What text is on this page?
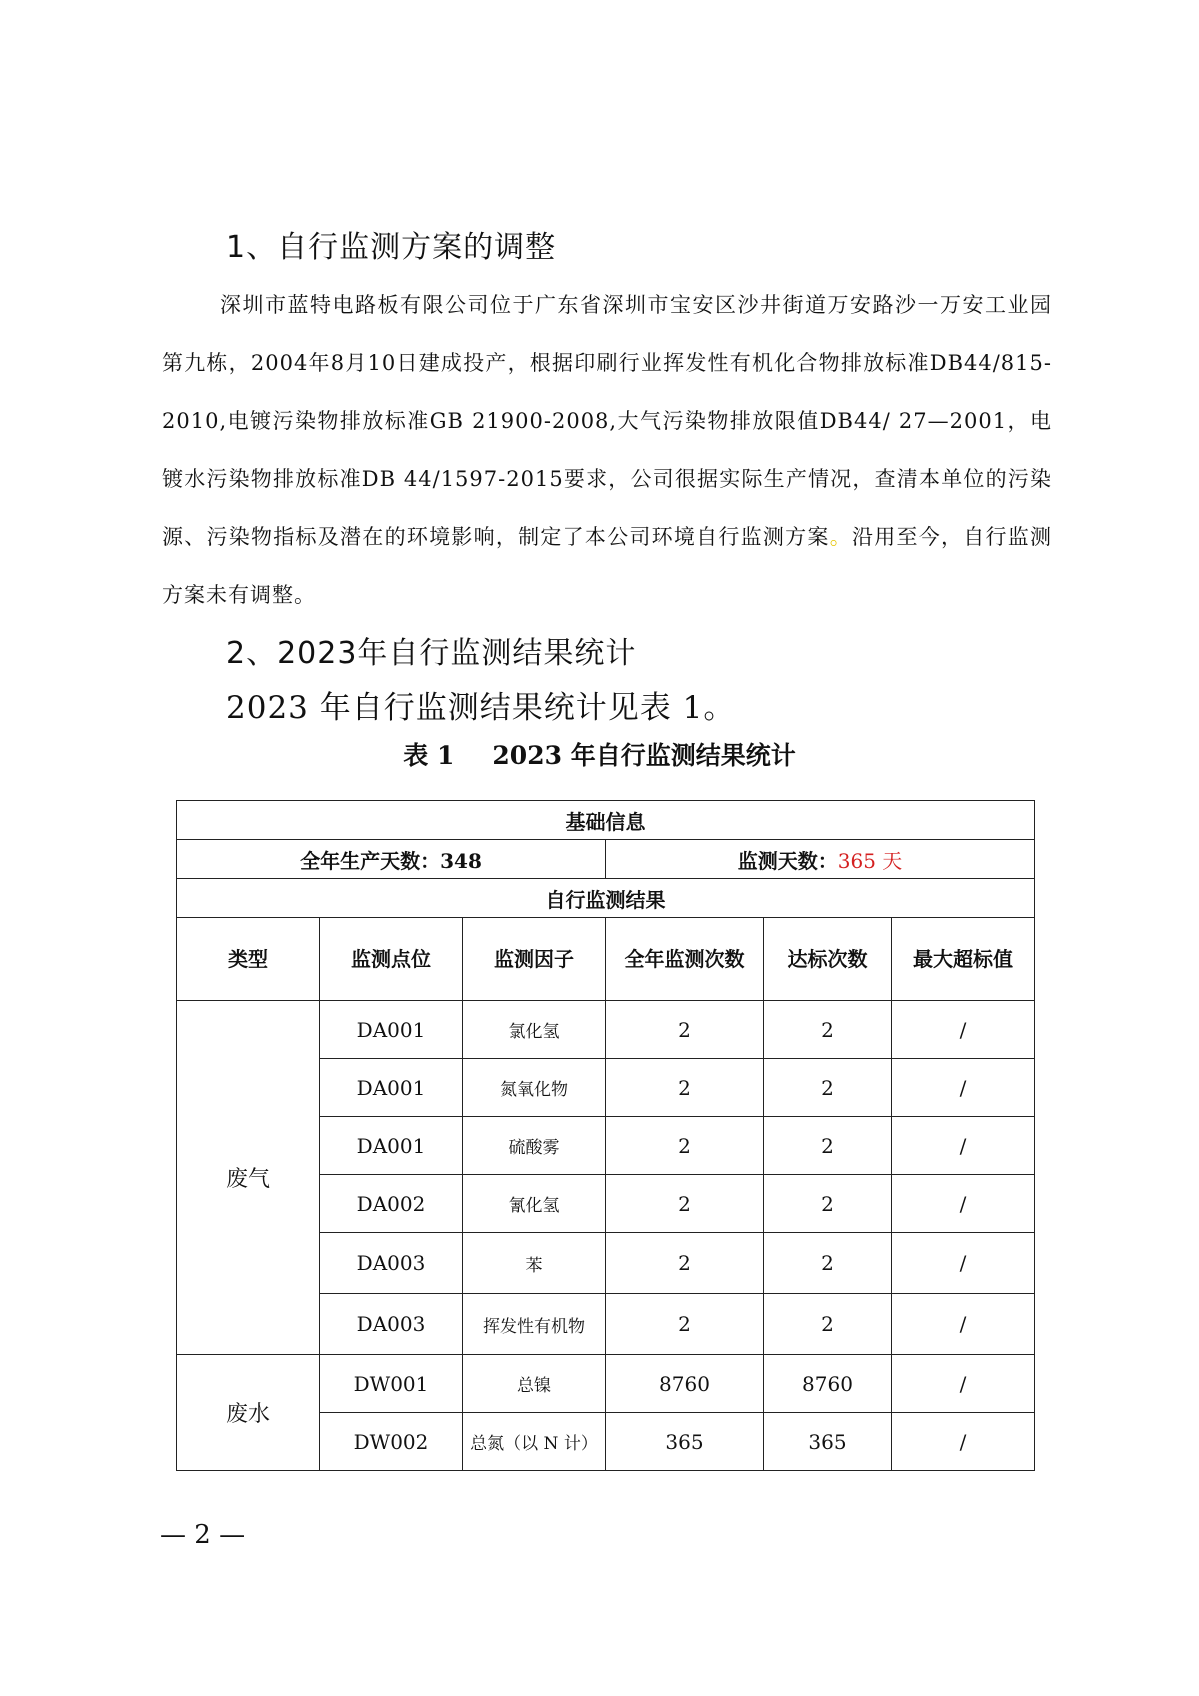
1、自行监测方案的调整

深圳市蓝特电路板有限公司位于广东省深圳市宝安区沙井街道万安路沙一万安工业园第九栋，2004年8月10日建成投产，根据印刷行业挥发性有机化合物排放标准DB44/815-2010,电镀污染物排放标准GB 21900-2008,大气污染物排放限值DB44/ 27—2001，电镀水污染物排放标准DB 44/1597-2015要求，公司很据实际生产情况，查清本单位的污染源、污染物指标及潜在的环境影响，制定了本公司环境自行监测方案。沿用至今，自行监测方案未有调整。

2、2023年自行监测结果统计

2023 年自行监测结果统计见表 1。

表 1 2023 年自行监测结果统计

基础信息					
全年生产天数：348			监测天数：365 天		
自行监测结果					
类型	监测点位	监测因子	全年监测次数	达标次数	最大超标值
废气	DA001	氯化氢	2	2	/
	DA001	氮氧化物	2	2	/
	DA001	硫酸雾	2	2	/
	DA002	氰化氢	2	2	/
	DA003	苯	2	2	/
	DA003	挥发性有机物	2	2	/
废水	DW001	总镍	8760	8760	/
	DW002	总氮（以 N 计）	365	365	/
— 2 —
